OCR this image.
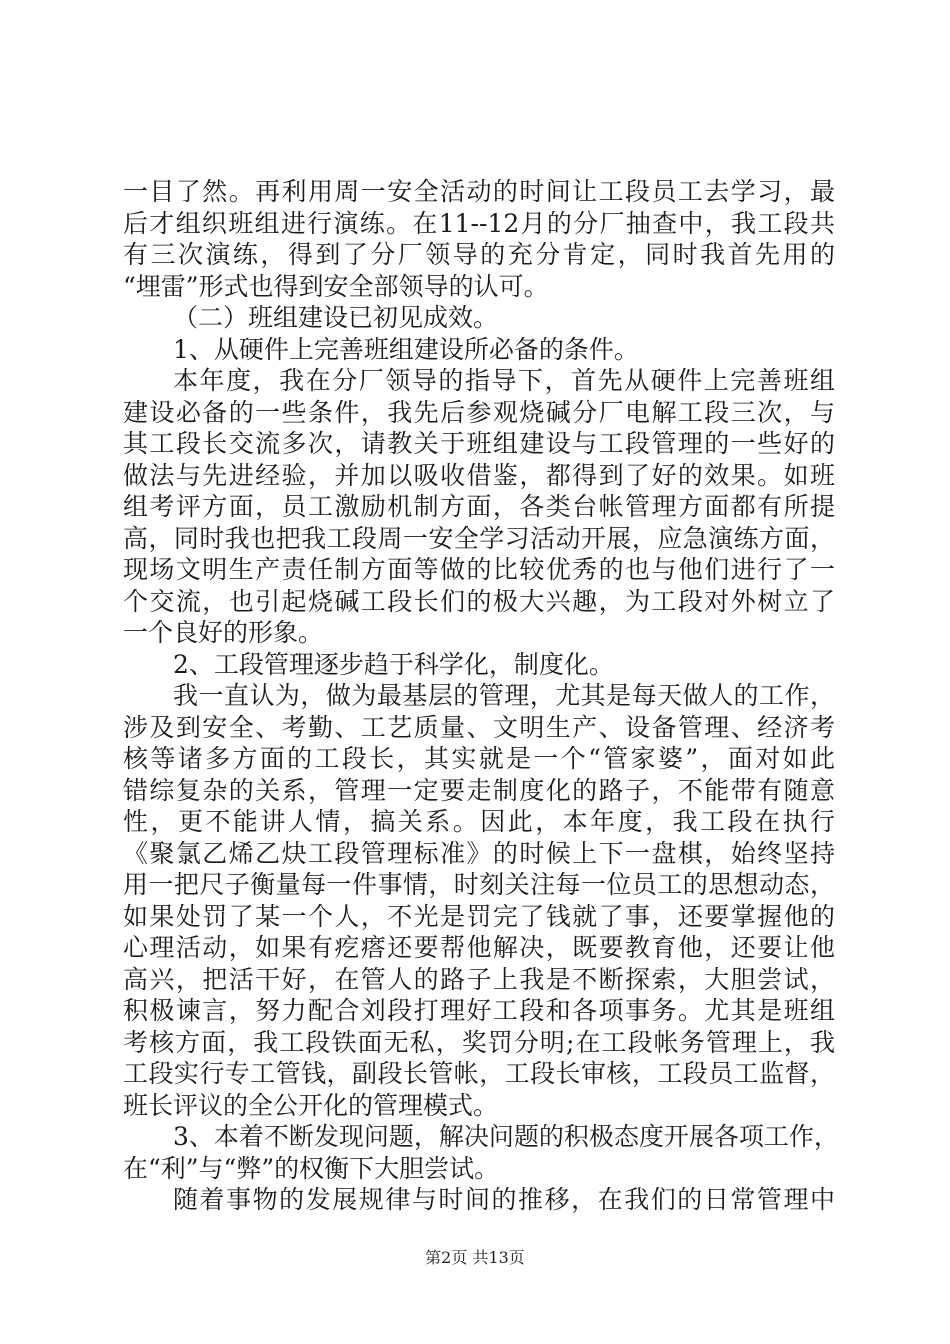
一目了然。再利用周一安全活动的时间让工段员工去学习，最
后才组织班组进行演练。在11--12月的分厂抽查中，我工段共
有三次演练，得到了分厂领导的充分肯定，同时我首先用的
“埋雷”形式也得到安全部领导的认可。
（二）班组建设已初见成效。
1、从硬件上完善班组建设所必备的条件。
本年度，我在分厂领导的指导下，首先从硬件上完善班组
建设必备的一些条件，我先后参观烧碱分厂电解工段三次，与
其工段长交流多次，请教关于班组建设与工段管理的一些好的
做法与先进经验，并加以吸收借鉴，都得到了好的效果。如班
组考评方面，员工激励机制方面，各类台帐管理方面都有所提
高，同时我也把我工段周一安全学习活动开展，应急演练方面，
现场文明生产责任制方面等做的比较优秀的也与他们进行了一
个交流，也引起烧碱工段长们的极大兴趣，为工段对外树立了
一个良好的形象。
2、工段管理逐步趋于科学化，制度化。
我一直认为，做为最基层的管理，尤其是每天做人的工作，
涉及到安全、考勤、工艺质量、文明生产、设备管理、经济考
核等诸多方面的工段长，其实就是一个“管家婆”，面对如此
错综复杂的关系，管理一定要走制度化的路子，不能带有随意
性，更不能讲人情，搞关系。因此，本年度，我工段在执行
《聚氯乙烯乙炔工段管理标准》的时候上下一盘棋，始终坚持
用一把尺子衡量每一件事情，时刻关注每一位员工的思想动态，
如果处罚了某一个人，不光是罚完了钱就了事，还要掌握他的
心理活动，如果有疙瘩还要帮他解决，既要教育他，还要让他
高兴，把活干好，在管人的路子上我是不断探索，大胆尝试，
积极谏言，努力配合刘段打理好工段和各项事务。尤其是班组
考核方面，我工段铁面无私，奖罚分明;在工段帐务管理上，我
工段实行专工管钱，副段长管帐，工段长审核，工段员工监督，
班长评议的全公开化的管理模式。
3、本着不断发现问题，解决问题的积极态度开展各项工作，
在“利”与“弊”的权衡下大胆尝试。
随着事物的发展规律与时间的推移，在我们的日常管理中
第2页 共13页
